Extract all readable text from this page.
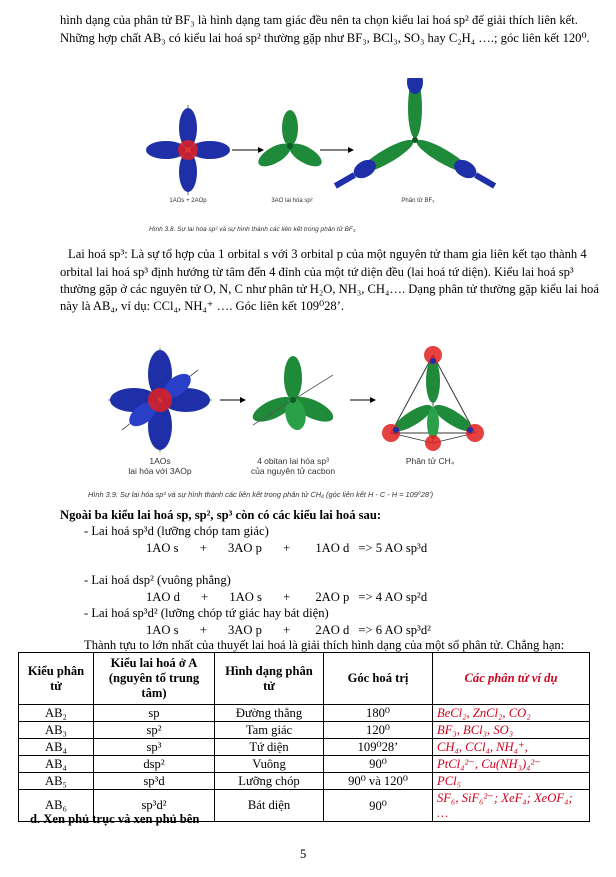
hình dạng của phân tử BF₃ là hình dạng tam giác đều nên ta chọn kiểu lai hoá sp² để giải thích liên kết.
Những hợp chất AB₃ có kiểu lai hoá sp² thường gặp như BF₃, BCl₃, SO₃ hay C₂H₄ ….; góc liên kết 120⁰.
1AOs + 2AOp	3AO lai hóa sp²	Phân tử BF₃
Hình 3.8. Sự lai hóa sp² và sự hình thành các liên kết trong phân tử BF₃
Lai hoá sp³: Là sự tổ hợp của 1 orbital s với 3 orbital p của một nguyên tử tham gia liên kết tạo thành 4
orbital lai hoá sp³ định hướng từ tâm đến 4 đỉnh của một tứ diện đều (lai hoá tứ diện). Kiểu lai hoá sp³
thường gặp ở các nguyên tử O, N, C như phân tử H₂O, NH₃, CH₄…. Dạng phân tử thường gặp kiểu lai hoá
này là AB₄, ví dụ: CCl₄, NH₄⁺ …. Góc liên kết 109⁰28’.
1AOs
lai hóa với 3AOp
4 obitan lai hóa sp³
của nguyên tử cacbon
Phân tử CH₄
Hình 3.9. Sự lai hóa sp³ và sự hình thành các liên kết trong phân tử CH₄ (góc liên kết H - C - H = 109⁰28’)
Ngoài ba kiểu lai hoá sp, sp², sp³ còn có các kiểu lai hoá sau:
- Lai hoá sp³d (lưỡng chóp tam giác)
1AO s + 3AO p + 1AO d => 5 AO sp³d
- Lai hoá dsp² (vuông phẳng)
1AO d + 1AO s + 2AO p => 4 AO sp²d
- Lai hoá sp³d² (lưỡng chóp tứ giác hay bát diện)
1AO s + 3AO p + 2AO d => 6 AO sp³d²
Thành tựu to lớn nhất của thuyết lai hoá là giải thích hình dạng của một số phân tử. Chẳng hạn:
Kiểu phân tử	Kiểu lai hoá ở A (nguyên tố trung tâm)	Hình dạng phân tử	Góc hoá trị	Các phân tử ví dụ
AB₂	sp	Đường thẳng	180⁰	BeCl₂, ZnCl₂, CO₂
AB₃	sp²	Tam giác	120⁰	BF₃, BCl₃, SO₃
AB₄	sp³	Tứ diện	109⁰28’	CH₄, CCl₄, NH₄⁺,
AB₄	dsp²	Vuông	90⁰	PtCl₄²⁻, Cu(NH₃)₄²⁻
AB₅	sp³d	Lưỡng chóp	90⁰ và 120⁰	PCl₅
AB₆	sp³d²	Bát diện	90⁰	SF₆, SiF₆²⁻; XeF₄; XeOF₄; …
d. Xen phủ trục và xen phủ bên
5
